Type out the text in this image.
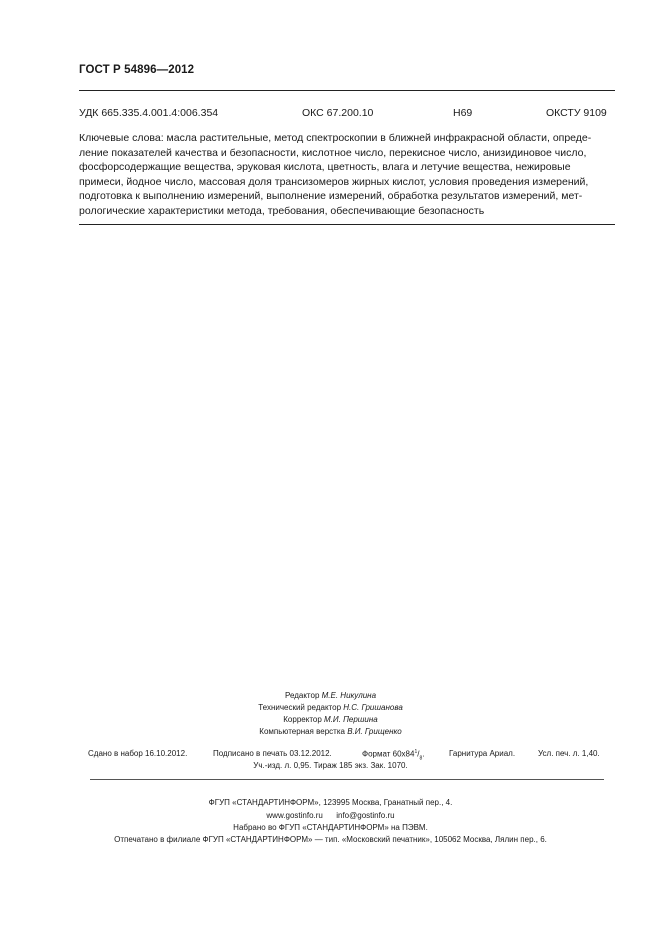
ГОСТ Р 54896—2012
УДК 665.335.4.001.4:006.354	ОКС 67.200.10	Н69	ОКСТУ 9109
Ключевые слова: масла растительные, метод спектроскопии в ближней инфракрасной области, опреде-
ление показателей качества и безопасности, кислотное число, перекисное число, анизидиновое число,
фосфорсодержащие вещества, эруковая кислота, цветность, влага и летучие вещества, нежировые
примеси, йодное число, массовая доля трансизомеров жирных кислот, условия проведения измерений,
подготовка к выполнению измерений, выполнение измерений, обработка результатов измерений, мет-
рологические характеристики метода, требования, обеспечивающие безопасность
Редактор М.Е. Никулина
Технический редактор Н.С. Гришанова
Корректор М.И. Першина
Компьютерная верстка В.И. Грищенко
Сдано в набор 16.10.2012.	Подписано в печать 03.12.2012.	Формат $60x84^1/_8$.	Гарнитура Ариал.	Усл. печ. л. 1,40.
Уч.-изд. л. 0,95. Тираж 185 экз. Зак. 1070.
ФГУП «СТАНДАРТИНФОРМ», 123995 Москва, Гранатный пер., 4.
www.gostinfo.ru info@gostinfo.ru
Набрано во ФГУП «СТАНДАРТИНФОРМ» на ПЭВМ.
Отпечатано в филиале ФГУП «СТАНДАРТИНФОРМ» — тип. «Московский печатник», 105062 Москва, Лялин пер., 6.
